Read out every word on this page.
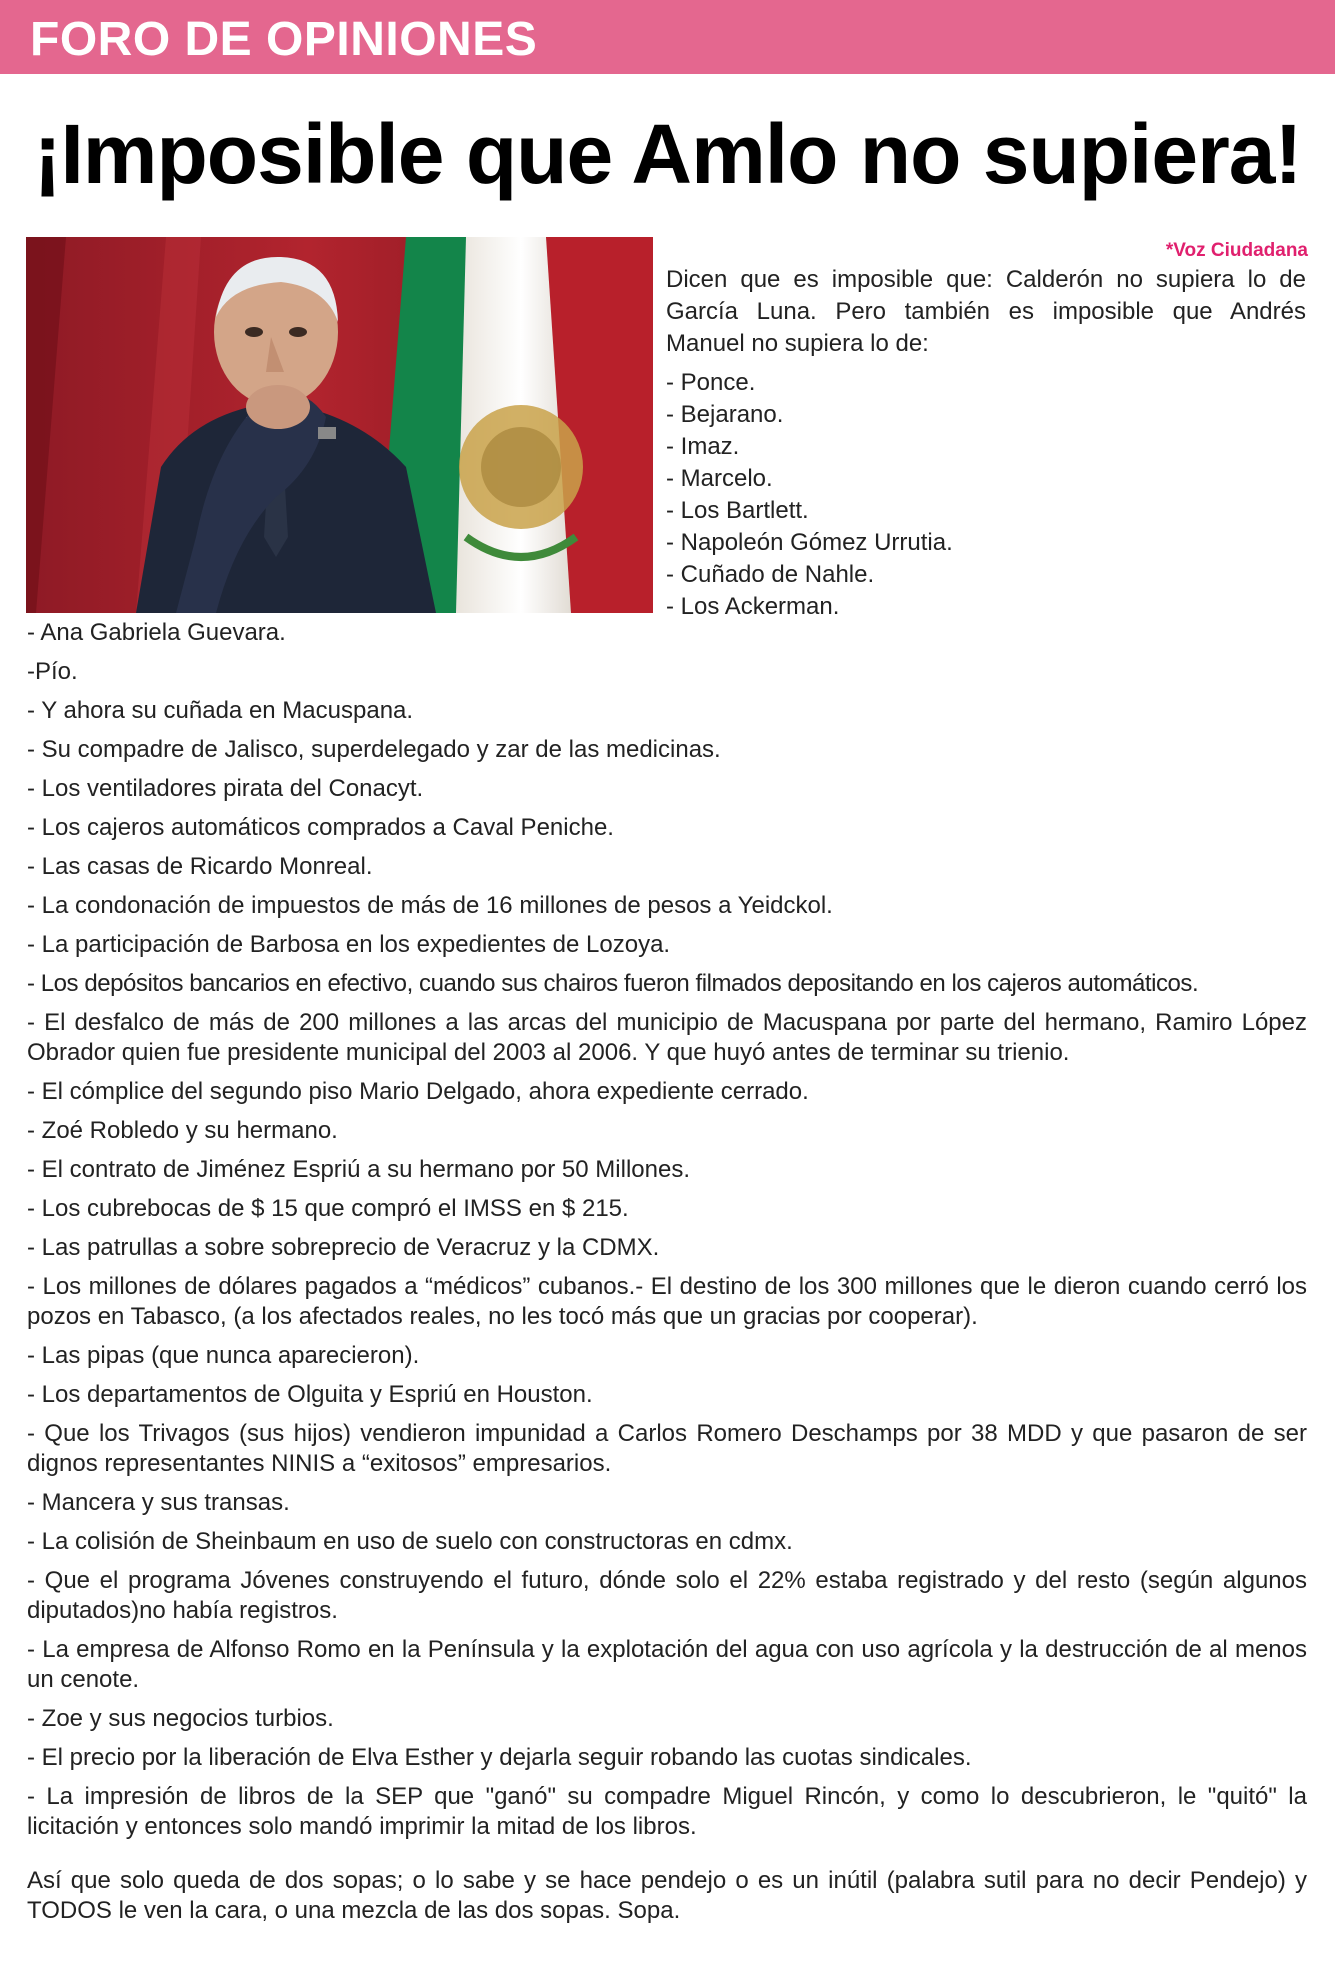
FORO DE OPINIONES
¡Imposible que Amlo no supiera!
*Voz Ciudadana

Dicen que es imposible que: Calderón no supiera lo de García Luna. Pero también es imposible que Andrés Manuel no supiera lo de:

- Ponce.
- Bejarano.
- Imaz.
- Marcelo.
- Los Bartlett.
- Napoleón Gómez Urrutia.
- Cuñado de Nahle.
- Los Ackerman.
- Ana Gabriela Guevara.
-Pío.
- Y ahora su cuñada en Macuspana.
- Su compadre de Jalisco, superdelegado y zar de las medicinas.
- Los ventiladores pirata del Conacyt.
- Los cajeros automáticos comprados a Caval Peniche.
- Las casas de Ricardo Monreal.
- La condonación de impuestos de más de 16 millones de pesos a Yeidckol.
- La participación de Barbosa en los expedientes de Lozoya.
- Los depósitos bancarios en efectivo, cuando sus chairos fueron filmados depositando en los cajeros automáticos.
- El desfalco de más de 200 millones a las arcas del municipio de Macuspana por parte del hermano, Ramiro López Obrador quien fue presidente municipal del 2003 al 2006. Y que huyó antes de terminar su trienio.
- El cómplice del segundo piso Mario Delgado, ahora expediente cerrado.
- Zoé Robledo y su hermano.
- El contrato de Jiménez Espriú a su hermano por 50 Millones.
- Los cubrebocas de $ 15 que compró el IMSS en $ 215.
- Las patrullas a sobre sobreprecio de Veracruz y la CDMX.
- Los millones de dólares pagados a “médicos” cubanos.- El destino de los 300 millones que le dieron cuando cerró los pozos en Tabasco, (a los afectados reales, no les tocó más que un gracias por cooperar).
- Las pipas (que nunca aparecieron).
- Los departamentos de Olguita y Espriú en Houston.
- Que los Trivagos (sus hijos) vendieron impunidad a Carlos Romero Deschamps por 38 MDD y que pasaron de ser dignos representantes NINIS a “exitosos” empresarios.
- Mancera y sus transas.
- La colisión de Sheinbaum en uso de suelo con constructoras en cdmx.
- Que el programa Jóvenes construyendo el futuro, dónde solo el 22% estaba registrado y del resto (según algunos diputados)no había registros.
- La empresa de Alfonso Romo en la Península y la explotación del agua con uso agrícola y la destrucción de al menos un cenote.
- Zoe y sus negocios turbios.
- El precio por la liberación de Elva Esther y dejarla seguir robando las cuotas sindicales.
- La impresión de libros de la SEP que "ganó" su compadre Miguel Rincón, y como lo descubrieron, le "quitó" la licitación y entonces solo mandó imprimir la mitad de los libros.

Así que solo queda de dos sopas; o lo sabe y se hace pendejo o es un inútil (palabra sutil para no decir Pendejo) y TODOS le ven la cara, o una mezcla de las dos sopas. Sopa.
